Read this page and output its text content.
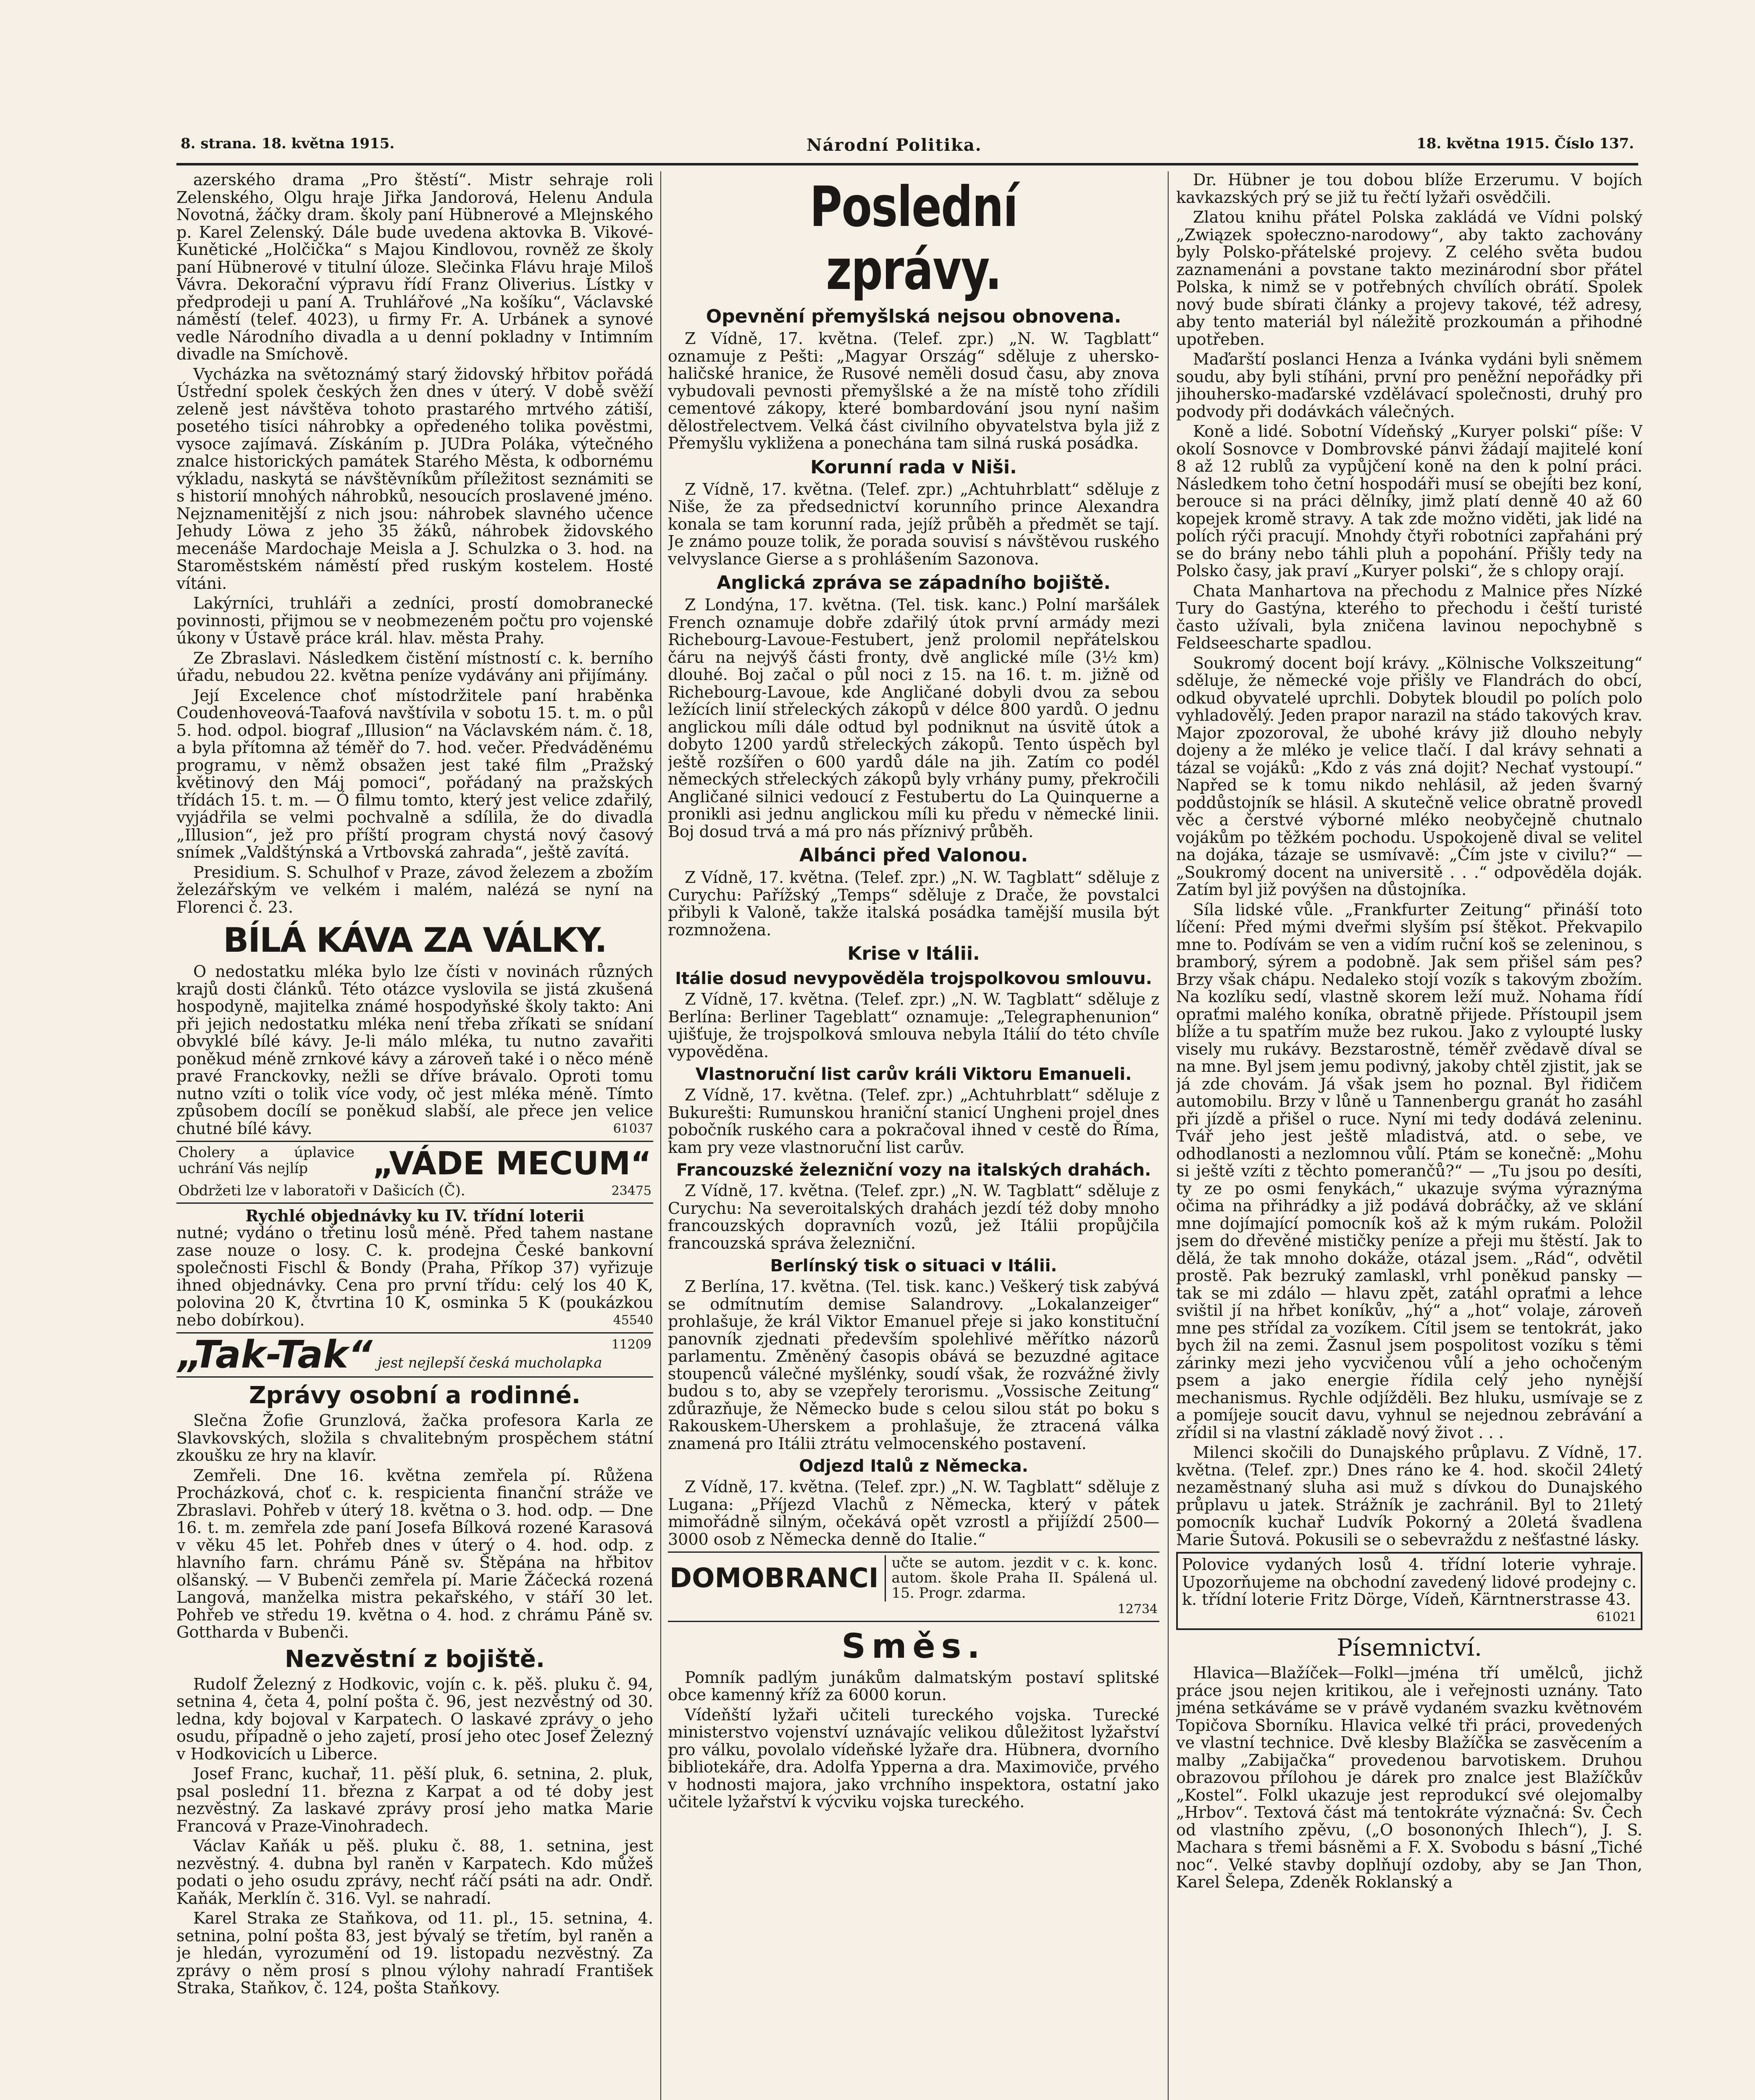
8. strana. 18. května 1915.	Národní Politika.	18. května 1915. Číslo 137.

azerského drama „Pro štěstí“. Mistr sehraje roli Zelenského, Olgu hraje Jiřka Jandorová, Helenu Andula Novotná, žáčky dram. školy paní Hübnerové a Mlejnského p. Karel Zelenský. Dále bude uvedena aktovka B. Vikové-Kunětické „Holčička“ s Majou Kindlovou, rovněž ze školy paní Hübnerové v titulní úloze. Slečinka Flávu hraje Miloš Vávra. Dekorační výpravu řídí Franz Oliverius. Lístky v předprodeji u paní A. Truhlářové „Na košíku“, Václavské náměstí (telef. 4023), u firmy Fr. A. Urbánek a synové vedle Národního divadla a u denní pokladny v Intimním divadle na Smíchově.

Vycházka na světoznámý starý židovský hřbitov pořádá Ústřední spolek českých žen dnes v úterý. V době svěží zeleně jest návštěva tohoto prastarého mrtvého zátiší, posetého tisíci náhrobky a opředeného tolika pověstmi, vysoce zajímavá. Získáním p. JUDra Poláka, výtečného znalce historických památek Starého Města, k odbornému výkladu, naskytá se návštěvníkům příležitost seznámiti se s historií mnohých náhrobků, nesoucích proslavené jméno. Nejznamenitější z nich jsou: náhrobek slavného učence Jehudy Löwa z jeho 35 žáků, náhrobek židovského mecenáše Mardochaje Meisla a J. Schulzka o 3. hod. na Staroměstském náměstí před ruským kostelem. Hosté vítáni.

Lakýrníci, truhláři a zedníci, prostí domobranecké povinnosti, přijmou se v neobmezeném počtu pro vojenské úkony v Ústavě práce král. hlav. města Prahy.

Ze Zbraslavi. Následkem čistění místností c. k. berního úřadu, nebudou 22. května peníze vydávány ani přijímány.

Její Excelence choť místodržitele paní hraběnka Coudenhoveová-Taafová navštívila v sobotu 15. t. m. o půl 5. hod. odpol. biograf „Illusion“ na Václavském nám. č. 18, a byla přítomna až téměř do 7. hod. večer. Předváděnému programu, v němž obsažen jest také film „Pražský květinový den Máj pomoci“, pořádaný na pražských třídách 15. t. m. — Ó filmu tomto, který jest velice zdařilý, vyjádřila se velmi pochvalně a sdílila, že do divadla „Illusion“, jež pro příští program chystá nový časový snímek „Valdštýnská a Vrtbovská zahrada“, ještě zavítá.

Presidium. S. Schulhof v Praze, závod železem a zbožím železářským ve velkém i malém, nalézá se nyní na Florenci č. 23.

BÍLÁ KÁVA ZA VÁLKY.

O nedostatku mléka bylo lze čísti v novinách různých krajů dosti článků. Této otázce vyslovila se jistá zkušená hospodyně, majitelka známé hospodyňské školy takto: Ani při jejich nedostatku mléka není třeba zříkati se snídaní obvyklé bílé kávy. Je-li málo mléka, tu nutno zavařiti poněkud méně zrnkové kávy a zároveň také i o něco méně pravé Franckovky, nežli se dříve brávalo. Oproti tomu nutno vzíti o tolik více vody, oč jest mléka méně. Tímto způsobem docílí se poněkud slabší, ale přece jen velice chutné bílé kávy.	61037

Cholery a úplavice uchrání Vás nejlíp	„VÁDE MECUM“
Obdržeti lze v laboratoři v Dašicích (Č).	23475
Rychlé objednávky ku IV. třídní loterii

nutné; vydáno o třetinu losů méně. Před tahem nastane zase nouze o losy. C. k. prodejna České bankovní společnosti Fischl & Bondy (Praha, Příkop 37) vyřizuje ihned objednávky. Cena pro první třídu: celý los 40 K, polovina 20 K, čtvrtina 10 K, osminka 5 K (poukázkou nebo dobírkou).	45540

„Tak-Tak“ jest nejlepší česká mucholapka
11209
Zprávy osobní a rodinné.

Slečna Žofie Grunzlová, žačka profesora Karla ze Slavkovských, složila s chvalitebným prospěchem státní zkoušku ze hry na klavír.

Zemřeli. Dne 16. května zemřela pí. Růžena Procházková, choť c. k. respicienta finanční stráže ve Zbraslavi. Pohřeb v úterý 18. května o 3. hod. odp. — Dne 16. t. m. zemřela zde paní Josefa Bílková rozené Karasová v věku 45 let. Pohřeb dnes v úterý o 4. hod. odp. z hlavního farn. chrámu Páně sv. Štěpána na hřbitov olšanský. — V Bubenči zemřela pí. Marie Žáčecká rozená Langová, manželka mistra pekařského, v stáří 30 let. Pohřeb ve středu 19. května o 4. hod. z chrámu Páně sv. Gottharda v Bubenči.

Nezvěstní z bojiště.

Rudolf Železný z Hodkovic, vojín c. k. pěš. pluku č. 94, setnina 4, četa 4, polní pošta č. 96, jest nezvěstný od 30. ledna, kdy bojoval v Karpatech. O laskavé zprávy o jeho osudu, případně o jeho zajetí, prosí jeho otec Josef Železný v Hodkovicích u Liberce.

Josef Franc, kuchař, 11. pěší pluk, 6. setnina, 2. pluk, psal poslední 11. března z Karpat a od té doby jest nezvěstný. Za laskavé zprávy prosí jeho matka Marie Francová v Praze-Vinohradech.

Václav Kaňák u pěš. pluku č. 88, 1. setnina, jest nezvěstný. 4. dubna byl raněn v Karpatech. Kdo můžeš podati o jeho osudu zprávy, nechť ráčí psáti na adr. Ondř. Kaňák, Merklín č. 316. Vyl. se nahradí.

Karel Straka ze Staňkova, od 11. pl., 15. setnina, 4. setnina, polní pošta 83, jest bývalý se třetím, byl raněn a je hledán, vyrozumění od 19. listopadu nezvěstný. Za zprávy o něm prosí s plnou výlohy nahradí František Straka, Staňkov, č. 124, pošta Staňkovy.

Poslední zprávy.
Opevnění přemyšlská nejsou obnovena.

Z Vídně, 17. května. (Telef. zpr.) „N. W. Tagblatt“ oznamuje z Pešti: „Magyar Ország“ sděluje z uhersko-haličské hranice, že Rusové neměli dosud času, aby znova vybudovali pevnosti přemyšlské a že na místě toho zřídili cementové zákopy, které bombardování jsou nyní našim dělostřelectvem. Velká část civilního obyvatelstva byla již z Přemyšlu vykližena a ponechána tam silná ruská posádka.

Korunní rada v Niši.

Z Vídně, 17. května. (Telef. zpr.) „Achtuhrblatt“ sděluje z Niše, že za předsednictví korunního prince Alexandra konala se tam korunní rada, jejíž průběh a předmět se tají. Je známo pouze tolik, že porada souvisí s návštěvou ruského velvyslance Gierse a s prohlášením Sazonova.

Anglická zpráva se západního bojiště.

Z Londýna, 17. května. (Tel. tisk. kanc.) Polní maršálek French oznamuje dobře zdařilý útok první armády mezi Richebourg-Lavoue-Festubert, jenž prolomil nepřátelskou čáru na nejvýš části fronty, dvě anglické míle (3½ km) dlouhé. Boj začal o půl noci z 15. na 16. t. m. jižně od Richebourg-Lavoue, kde Angličané dobyli dvou za sebou ležících linií střeleckých zákopů v délce 800 yardů. O jednu anglickou míli dále odtud byl podniknut na úsvitě útok a dobyto 1200 yardů střeleckých zákopů. Tento úspěch byl ještě rozšířen o 600 yardů dále na jih. Zatím co podél německých střeleckých zákopů byly vrhány pumy, překročili Angličané silnici vedoucí z Festubertu do La Quinquerne a pronikli asi jednu anglickou míli ku předu v německé linii. Boj dosud trvá a má pro nás příznivý průběh.

Albánci před Valonou.

Z Vídně, 17. května. (Telef. zpr.) „N. W. Tagblatt“ sděluje z Curychu: Pařížský „Temps“ sděluje z Drače, že povstalci přibyli k Valoně, takže italská posádka tamější musila být rozmnožena.

Krise v Itálii.
Itálie dosud nevypověděla trojspolkovou smlouvu.

Z Vídně, 17. května. (Telef. zpr.) „N. W. Tagblatt“ sděluje z Berlína: Berliner Tageblatt“ oznamuje: „Telegraphenunion“ ujišťuje, že trojspolková smlouva nebyla Itálií do této chvíle vypověděna.

Vlastnoruční list carův králi Viktoru Emanueli.

Z Vídně, 17. května. (Telef. zpr.) „Achtuhrblatt“ sděluje z Bukurešti: Rumunskou hraniční stanicí Ungheni projel dnes pobočník ruského cara a pokračoval ihned v cestě do Říma, kam pry veze vlastnoruční list carův.

Francouzské železniční vozy na italských drahách.

Z Vídně, 17. května. (Telef. zpr.) „N. W. Tagblatt“ sděluje z Curychu: Na severoitalských drahách jezdí též doby mnoho francouzských dopravních vozů, jež Itálii propůjčila francouzská správa železniční.

Berlínský tisk o situaci v Itálii.

Z Berlína, 17. května. (Tel. tisk. kanc.) Veškerý tisk zabývá se odmítnutím demise Salandrovy. „Lokalanzeiger“ prohlašuje, že král Viktor Emanuel přeje si jako konstituční panovník zjednati především spolehlivé měřítko názorů parlamentu. Změněný časopis obává se bezuzdné agitace stoupenců válečné myšlénky, soudí však, že rozvážné živly budou s to, aby se vzepřely terorismu. „Vossische Zeitung“ zdůrazňuje, že Německo bude s celou silou stát po boku s Rakouskem-Uherskem a prohlašuje, že ztracená válka znamená pro Itálii ztrátu velmocenského postavení.

Odjezd Italů z Německa.

Z Vídně, 17. května. (Telef. zpr.) „N. W. Tagblatt“ sděluje z Lugana: „Příjezd Vlachů z Německa, který v pátek mimořádně silným, očekává opět vzrostl a přijíždí 2500—3000 osob z Německa denně do Italie.“

DOMOBRANCI učte se autom. jezdit v c. k. konc. autom. škole Praha II. Spálená ul. 15. Progr. zdarma.
12734
Směs.

Pomník padlým junákům dalmatským postaví splitské obce kamenný kříž za 6000 korun.

Vídeňští lyžaři učiteli tureckého vojska. Turecké ministerstvo vojenství uznávajíc velikou důležitost lyžařství pro válku, povolalo vídeňské lyžaře dra. Hübnera, dvorního bibliotekáře, dra. Adolfa Ypperna a dra. Maximoviče, prvého v hodnosti majora, jako vrchního inspektora, ostatní jako učitele lyžařství k výcviku vojska tureckého.

Dr. Hübner je tou dobou blíže Erzerumu. V bojích kavkazských prý se již tu řečtí lyžaři osvědčili.

Zlatou knihu přátel Polska zakládá ve Vídni polský „Związek społeczno-narodowy“, aby takto zachovány byly Polsko-přátelské projevy. Z celého světa budou zaznamenáni a povstane takto mezinárodní sbor přátel Polska, k nimž se v potřebných chvílích obrátí. Spolek nový bude sbírati články a projevy takové, též adresy, aby tento materiál byl náležitě prozkoumán a přihodné upotřeben.

Maďarští poslanci Henza a Ivánka vydáni byli sněmem soudu, aby byli stíháni, první pro peněžní nepořádky při jihouhersko-maďarské vzdělávací společnosti, druhý pro podvody při dodávkách válečných.

Koně a lidé. Sobotní Vídeňský „Kuryer polski“ píše: V okolí Sosnovce v Dombrovské pánvi žádají majitelé koní 8 až 12 rublů za vypůjčení koně na den k polní práci. Následkem toho četní hospodáři musí se obejíti bez koní, berouce si na práci dělníky, jimž platí denně 40 až 60 kopejek kromě stravy. A tak zde možno viděti, jak lidé na polích rýči pracují. Mnohdy čtyři robotníci zapřaháni prý se do brány nebo táhli pluh a popohání. Přišly tedy na Polsko časy, jak praví „Kuryer polski“, že s chlopy orají.

Chata Manhartova na přechodu z Malnice přes Nízké Tury do Gastýna, kterého to přechodu i čeští turisté často užívali, byla zničena lavinou nepochybně s Feldseescharte spadlou.

Soukromý docent bojí krávy. „Kölnische Volkszeitung“ sděluje, že německé voje přišly ve Flandrách do obcí, odkud obyvatelé uprchli. Dobytek bloudil po polích polo vyhladovělý. Jeden prapor narazil na stádo takových krav. Major zpozoroval, že ubohé krávy již dlouho nebyly dojeny a že mléko je velice tlačí. I dal krávy sehnati a tázal se vojáků: „Kdo z vás zná dojit? Nechať vystoupí.“ Napřed se k tomu nikdo nehlásil, až jeden švarný poddůstojník se hlásil. A skutečně velice obratně provedl věc a čerstvé výborné mléko neobyčejně chutnalo vojákům po těžkém pochodu. Uspokojeně dival se velitel na dojáka, tázaje se usmívavě: „Čím jste v civilu?“ — „Soukromý docent na universitě . . .“ odpověděla doják. Zatím byl již povýšen na důstojníka.

Síla lidské vůle. „Frankfurter Zeitung“ přináší toto líčení: Před mými dveřmi slyším psí štěkot. Překvapilo mne to. Podívám se ven a vidím ruční koš se zeleninou, s bramborý, sýrem a podobně. Jak sem přišel sám pes? Brzy však chápu. Nedaleko stojí vozík s takovým zbožím. Na kozlíku sedí, vlastně skorem leží muž. Nohama řídí opraťmi malého koníka, obratně přijede. Přístoupil jsem blíže a tu spatřím muže bez rukou. Jako z vyloupté lusky visely mu rukávy. Bezstarostně, téměř zvědavě díval se na mne. Byl jsem jemu podivný, jakoby chtěl zjistit, jak se já zde chovám. Já však jsem ho poznal. Byl řidičem automobilu. Brzy v lůně u Tannenbergu granát ho zasáhl při jízdě a přišel o ruce. Nyní mi tedy dodává zeleninu. Tvář jeho jest ještě mladistvá, atd. o sebe, ve odhodlanosti a nezlomnou vůlí. Ptám se konečně: „Mohu si ještě vzíti z těchto pomerančů?“ — „Tu jsou po desíti, ty ze po osmi fenykách,“ ukazuje svýma výraznýma očima na přihrádky a již podává dobráčky, až ve sklání mne dojímající pomocník koš až k mým rukám. Položil jsem do dřevěné mističky peníze a přeji mu štěstí. Jak to dělá, že tak mnoho dokáže, otázal jsem. „Rád“, odvětil prostě. Pak bezruký zamlaskl, vrhl poněkud pansky — tak se mi zdálo — hlavu zpět, zatáhl opraťmi a lehce svištil jí na hřbet koníkův, „hý“ a „hot“ volaje, zároveň mne pes střídal za vozíkem. Cítil jsem se tentokrát, jako bych žil na zemi. Žasnul jsem pospolitost vozíku s těmi zárinky mezi jeho vycvičenou vůlí a jeho ochočeným psem a jako energie řídila celý jeho nynější mechanismus. Rychle odjížděli. Bez hluku, usmívaje se z a pomíjeje soucit davu, vyhnul se nejednou zebrávání a zřídil si na vlastní základě nový život . . .

Milenci skočili do Dunajského průplavu. Z Vídně, 17. května. (Telef. zpr.) Dnes ráno ke 4. hod. skočil 24letý nezaměstnaný sluha asi muž s dívkou do Dunajského průplavu u jatek. Strážník je zachránil. Byl to 21letý pomocník kuchař Ludvík Pokorný a 20letá švadlena Marie Šutová. Pokusili se o sebevraždu z nešťastné lásky.

Polovice vydaných losů 4. třídní loterie vyhraje. Upozorňujeme na obchodní zavedený lidové prodejny c. k. třídní loterie Fritz Dörge, Vídeň, Kärntnerstrasse 43.
61021
Písemnictví.

Hlavica—Blažíček—Folkl—jména tří umělců, jichž práce jsou nejen kritikou, ale i veřejnosti uznány. Tato jména setkáváme se v právě vydaném svazku květnovém Topičova Sborníku. Hlavica velké tři práci, provedených ve vlastní technice. Dvě klesby Blažíčka se zasvěcením a malby „Zabijačka“ provedenou barvotiskem. Druhou obrazovou přílohou je dárek pro znalce jest Blažíčkův „Kostel“. Folkl ukazuje jest reprodukcí své olejomalby „Hrbov“. Textová část má tentokráte význačná: Sv. Čech od vlastního zpěvu, („O bosononých Ihlech“), J. S. Machara s třemi básněmi a F. X. Svobodu s básní „Tiché noc“. Velké stavby doplňují ozdoby, aby se Jan Thon, Karel Šelepa, Zdeněk Roklanský a
